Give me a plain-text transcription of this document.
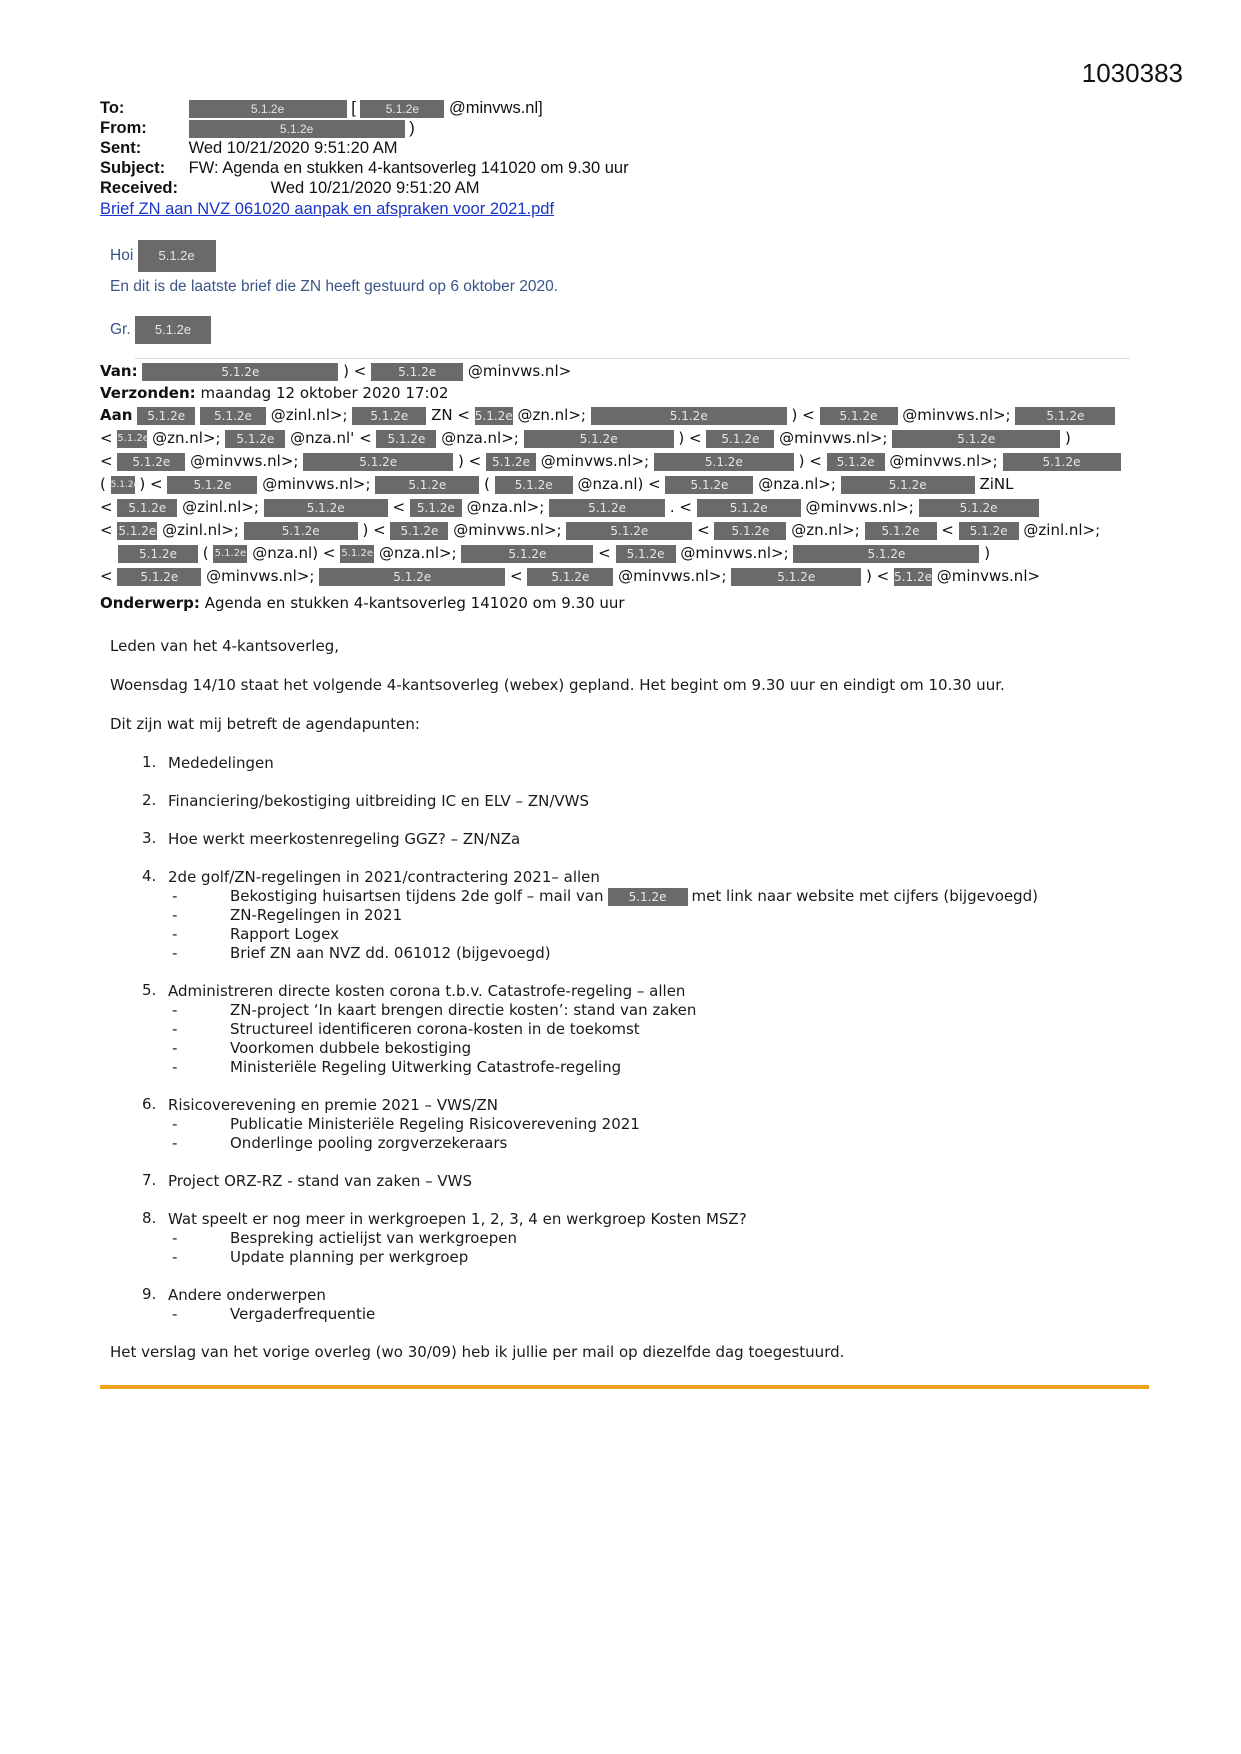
1030383
To:	5.1.2e	[ 5.1.2e @minvws.nl]
From:	5.1.2e	)
Sent:	Wed 10/21/2020 9:51:20 AM
Subject: FW: Agenda en stukken 4-kantsoverleg 141020 om 9.30 uur
Received:	Wed 10/21/2020 9:51:20 AM
Brief ZN aan NVZ 061020 aanpak en afspraken voor 2021.pdf
Hoi 5.1.2e
En dit is de laatste brief die ZN heeft gestuurd op 6 oktober 2020.
Gr. 5.1.2e
Van:	5.1.2e	) <	5.1.2e @minvws.nl>
Verzonden: maandag 12 oktober 2020 17:02
Aan 5.1.2e 5.1.2e @zinl.nl>; 5.1.2e ZN < 5.1.2e @zn.nl>;	5.1.2e	) < 5.1.2e @minvws.nl>;	5.1.2e
< 5.1.2e @zn.nl>; 5.1.2e @nza.nl' < 5.1.2e @nza.nl>;	5.1.2e	) < 5.1.2e @minvws.nl>;	5.1.2e	)
< 5.1.2e @minvws.nl>;	5.1.2e	) < 5.1.2e @minvws.nl>;	5.1.2e	) < 5.1.2e @minvws.nl>;	5.1.2e
( 5.1.2e ) <	5.1.2e @minvws.nl>;	5.1.2e	( 5.1.2e @nza.nl) < 5.1.2e @nza.nl>;	5.1.2e	ZiNL
< 5.1.2e @zinl.nl>;	5.1.2e	< 5.1.2e @nza.nl>;	5.1.2e	. <	5.1.2e	@minvws.nl>;	5.1.2e
< 5.1.2e @zinl.nl>;	5.1.2e	) < 5.1.2e @minvws.nl>;	5.1.2e	< 5.1.2e @zn.nl>; 5.1.2e < 5.1.2e @zinl.nl>;
5.1.2e ( 5.1.2e @nza.nl) < 5.1.2e @nza.nl>;	5.1.2e	< 5.1.2e @minvws.nl>;	5.1.2e	)
< 5.1.2e @minvws.nl>;	5.1.2e	< 5.1.2e @minvws.nl>;	5.1.2e	) < 5.1.2e @minvws.nl>
Onderwerp: Agenda en stukken 4-kantsoverleg 141020 om 9.30 uur

Leden van het 4-kantsoverleg,

Woensdag 14/10 staat het volgende 4-kantsoverleg (webex) gepland. Het begint om 9.30 uur en eindigt om 10.30 uur.

Dit zijn wat mij betreft de agendapunten:

1. Mededelingen
2. Financiering/bekostiging uitbreiding IC en ELV – ZN/VWS
3. Hoe werkt meerkostenregeling GGZ? – ZN/NZa
4. 2de golf/ZN-regelingen in 2021/contractering 2021– allen
-	Bekostiging huisartsen tijdens 2de golf – mail van 5.1.2e met link naar website met cijfers (bijgevoegd)
-	ZN-Regelingen in 2021
-	Rapport Logex
-	Brief ZN aan NVZ dd. 061012 (bijgevoegd)
5. Administreren directe kosten corona t.b.v. Catastrofe-regeling – allen
-	ZN-project ‘In kaart brengen directie kosten’: stand van zaken
-	Structureel identificeren corona-kosten in de toekomst
-	Voorkomen dubbele bekostiging
-	Ministeriële Regeling Uitwerking Catastrofe-regeling
6. Risicoverevening en premie 2021 – VWS/ZN
-	Publicatie Ministeriële Regeling Risicoverevening 2021
-	Onderlinge pooling zorgverzekeraars
7. Project ORZ-RZ - stand van zaken – VWS
8. Wat speelt er nog meer in werkgroepen 1, 2, 3, 4 en werkgroep Kosten MSZ?
-	Bespreking actielijst van werkgroepen
-	Update planning per werkgroep
9. Andere onderwerpen
-	Vergaderfrequentie

Het verslag van het vorige overleg (wo 30/09) heb ik jullie per mail op diezelfde dag toegestuurd.
